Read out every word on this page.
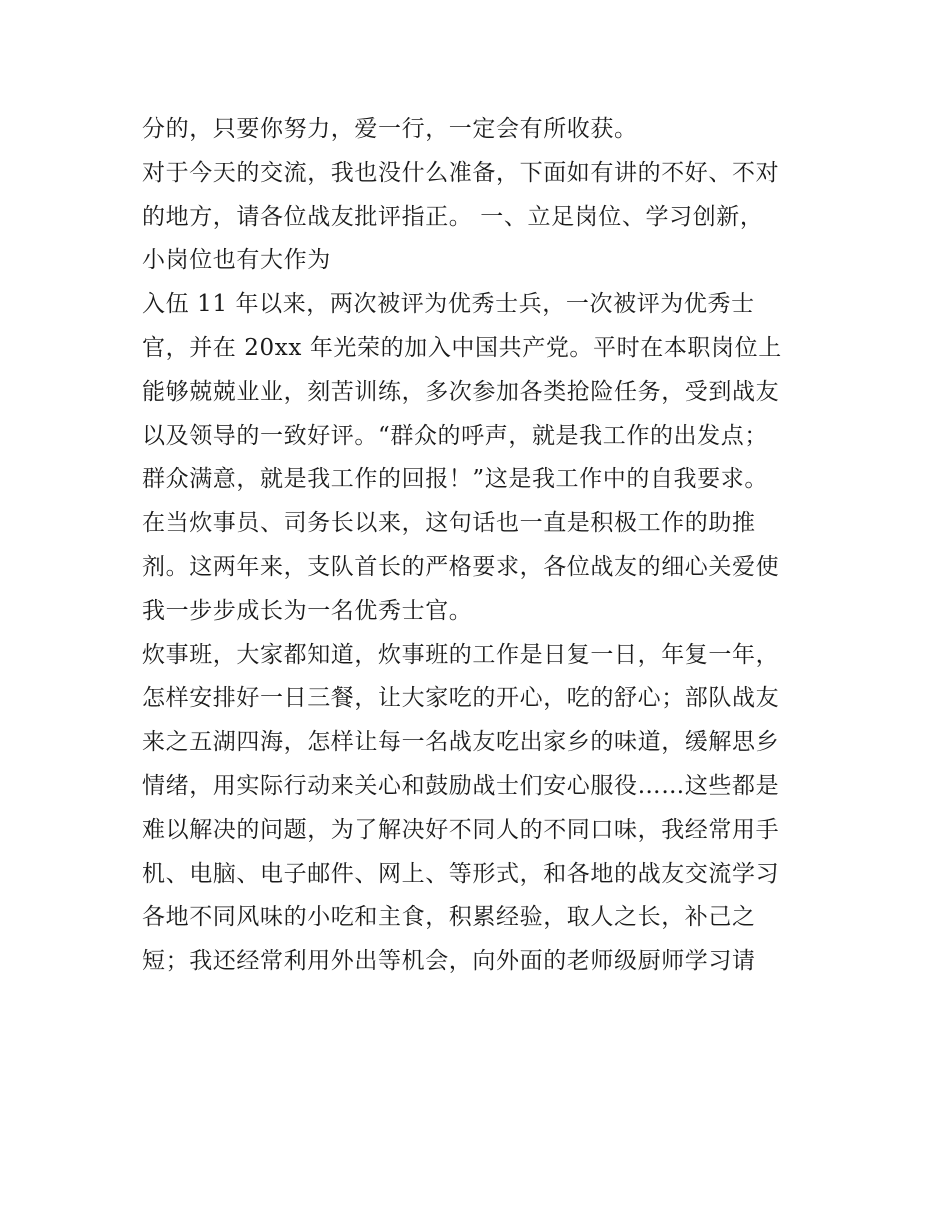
分的，只要你努力，爱一行，一定会有所收获。
对于今天的交流，我也没什么准备，下面如有讲的不好、不对
的地方，请各位战友批评指正。 一、立足岗位、学习创新，
小岗位也有大作为
入伍 11 年以来，两次被评为优秀士兵，一次被评为优秀士
官，并在 20xx 年光荣的加入中国共产党。平时在本职岗位上
能够兢兢业业，刻苦训练，多次参加各类抢险任务，受到战友
以及领导的一致好评。“群众的呼声，就是我工作的出发点；
群众满意，就是我工作的回报！”这是我工作中的自我要求。
在当炊事员、司务长以来，这句话也一直是积极工作的助推
剂。这两年来，支队首长的严格要求，各位战友的细心关爱使
我一步步成长为一名优秀士官。
炊事班，大家都知道，炊事班的工作是日复一日，年复一年，
怎样安排好一日三餐，让大家吃的开心，吃的舒心；部队战友
来之五湖四海，怎样让每一名战友吃出家乡的味道，缓解思乡
情绪，用实际行动来关心和鼓励战士们安心服役……这些都是
难以解决的问题，为了解决好不同人的不同口味，我经常用手
机、电脑、电子邮件、网上、等形式，和各地的战友交流学习
各地不同风味的小吃和主食，积累经验，取人之长，补己之
短；我还经常利用外出等机会，向外面的老师级厨师学习请
